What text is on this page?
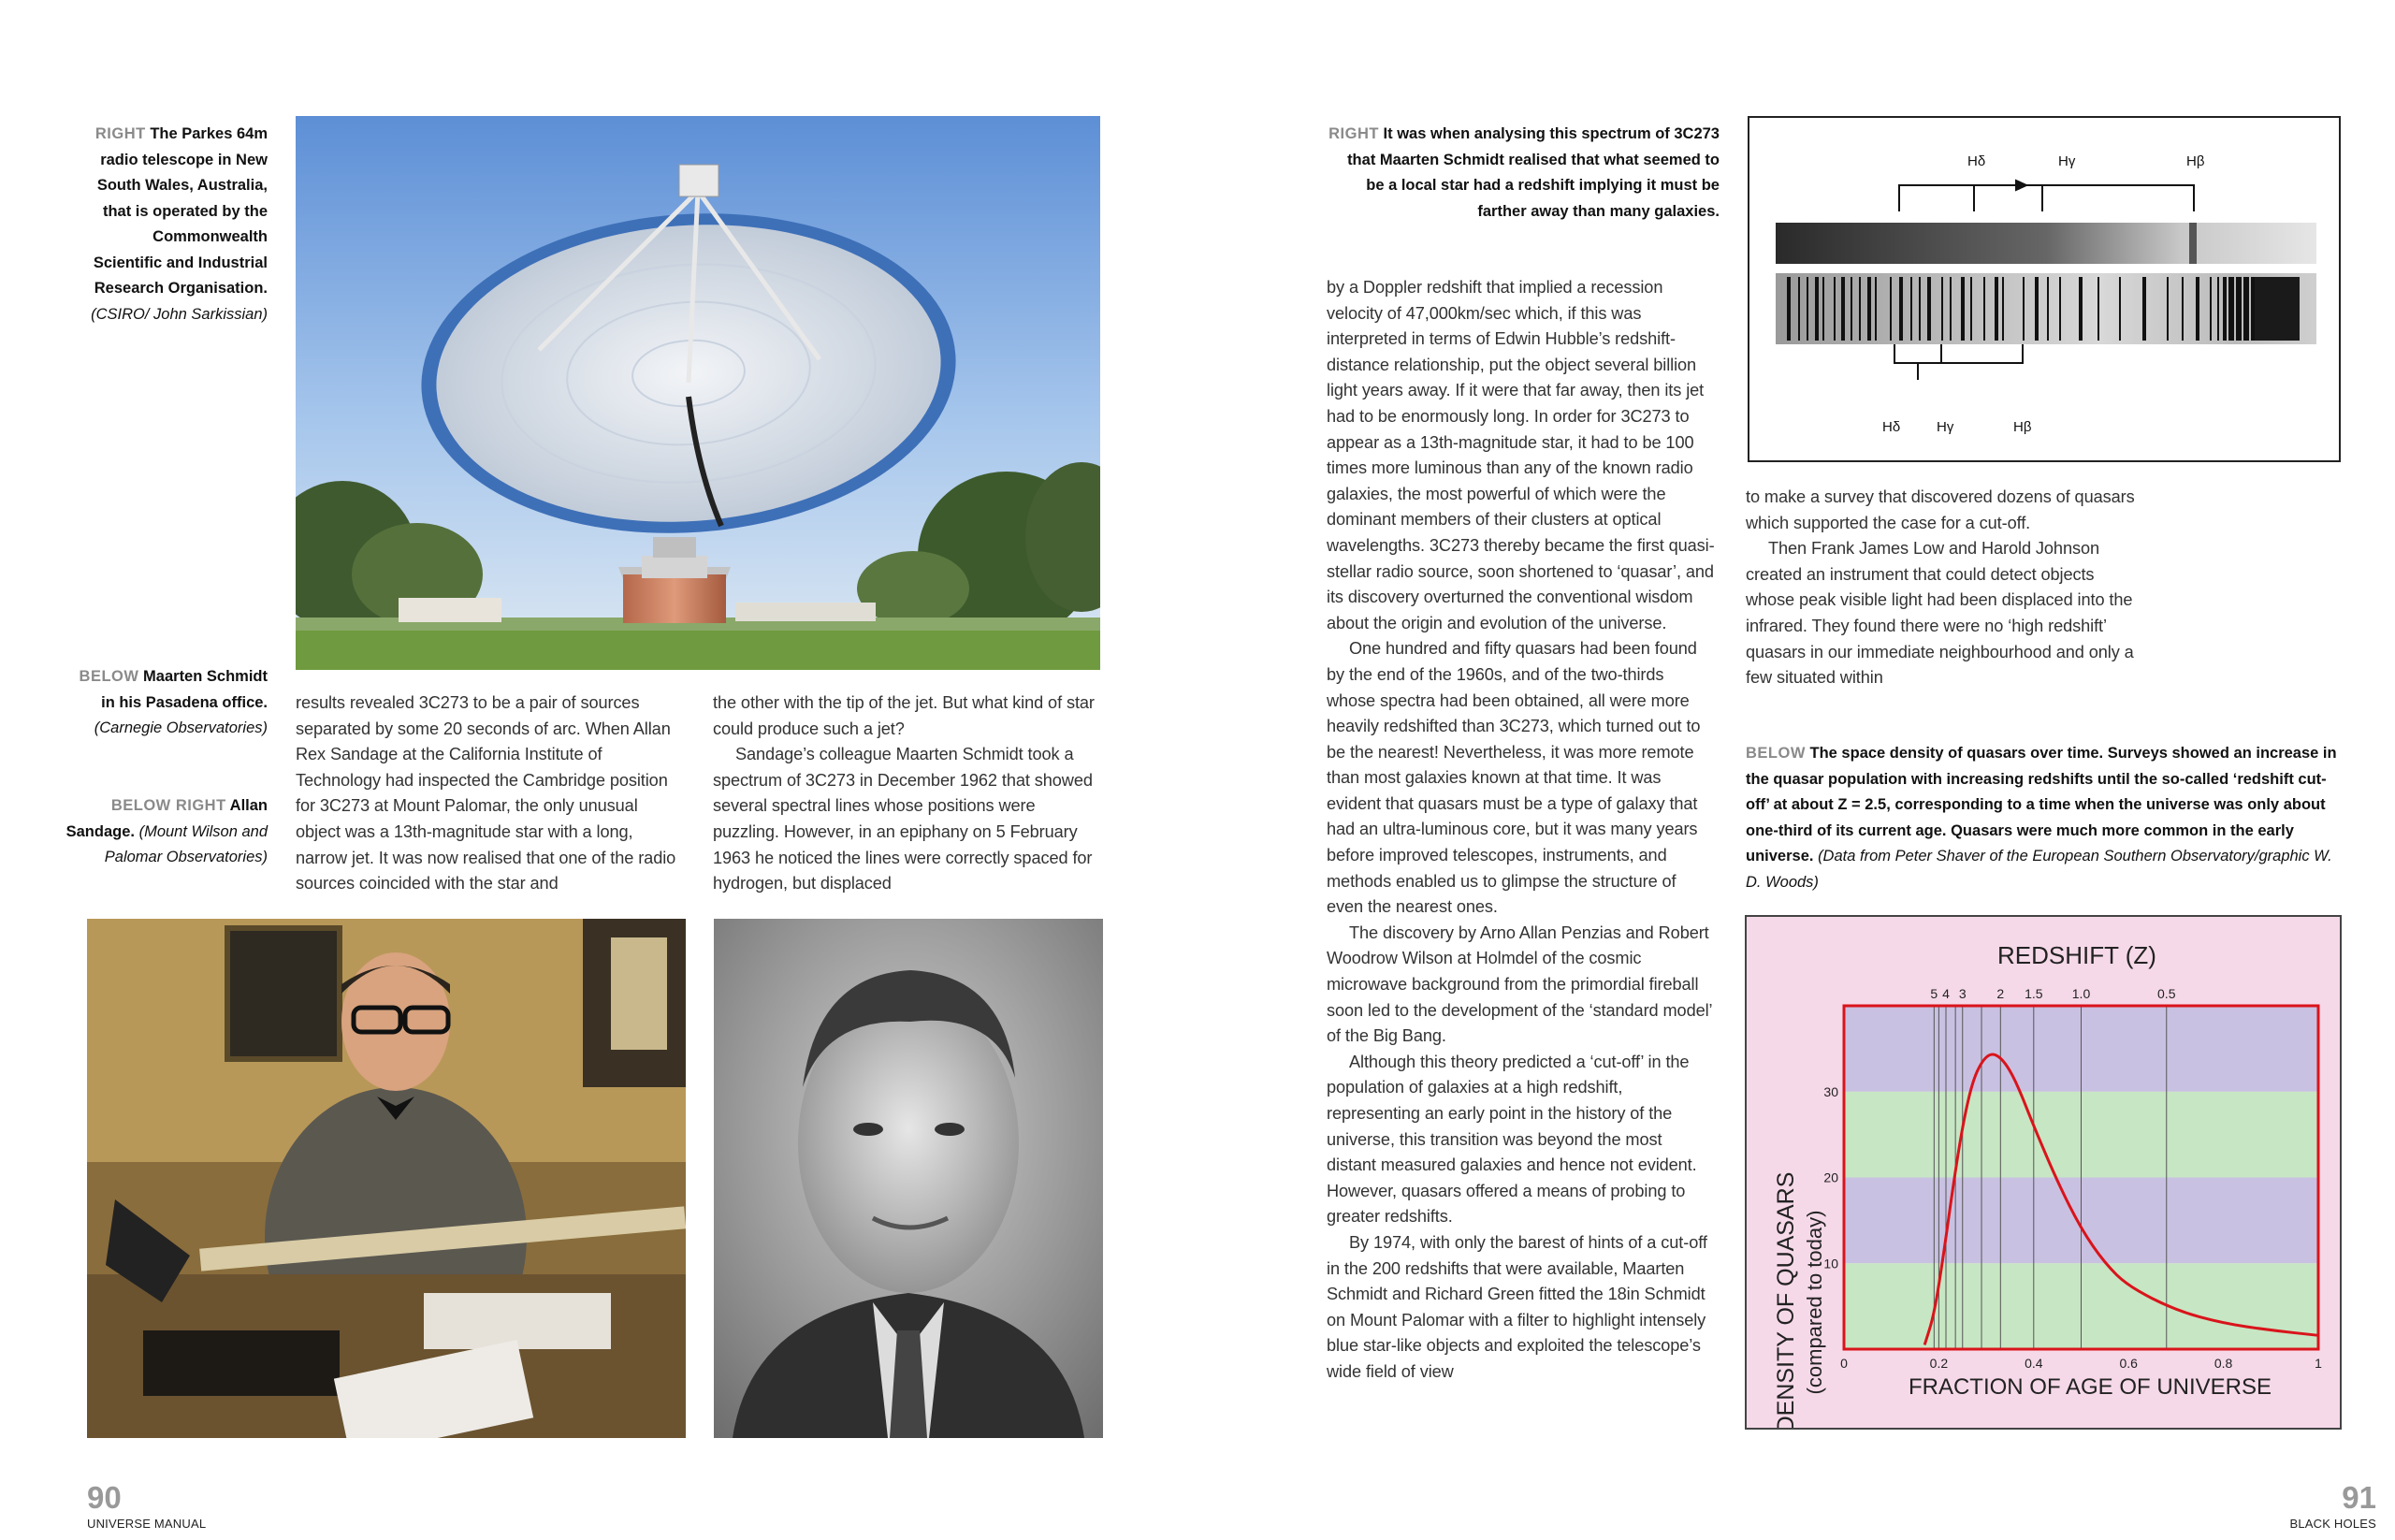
RIGHT The Parkes 64m radio telescope in New South Wales, Australia, that is operated by the Commonwealth Scientific and Industrial Research Organisation. (CSIRO/ John Sarkissian)
BELOW Maarten Schmidt in his Pasadena office. (Carnegie Observatories)
BELOW RIGHT Allan Sandage. (Mount Wilson and Palomar Observatories)

results revealed 3C273 to be a pair of sources separated by some 20 seconds of arc. When Allan Rex Sandage at the California Institute of Technology had inspected the Cambridge position for 3C273 at Mount Palomar, the only unusual object was a 13th-magnitude star with a long, narrow jet. It was now realised that one of the radio sources coincided with the star and

the other with the tip of the jet. But what kind of star could produce such a jet?

Sandage’s colleague Maarten Schmidt took a spectrum of 3C273 in December 1962 that showed several spectral lines whose positions were puzzling. However, in an epiphany on 5 February 1963 he noticed the lines were correctly spaced for hydrogen, but displaced

90
UNIVERSE MANUAL
RIGHT It was when analysing this spectrum of 3C273 that Maarten Schmidt realised that what seemed to be a local star had a redshift implying it must be farther away than many galaxies.
Hδ	Hγ	Hβ
Hδ	Hγ	Hβ

by a Doppler redshift that implied a recession velocity of 47,000km/sec which, if this was interpreted in terms of Edwin Hubble’s redshift-distance relationship, put the object several billion light years away. If it were that far away, then its jet had to be enormously long. In order for 3C273 to appear as a 13th-magnitude star, it had to be 100 times more luminous than any of the known radio galaxies, the most powerful of which were the dominant members of their clusters at optical wavelengths. 3C273 thereby became the first quasi-stellar radio source, soon shortened to ‘quasar’, and its discovery overturned the conventional wisdom about the origin and evolution of the universe.

One hundred and fifty quasars had been found by the end of the 1960s, and of the two-thirds whose spectra had been obtained, all were more heavily redshifted than 3C273, which turned out to be the nearest! Nevertheless, it was more remote than most galaxies known at that time. It was evident that quasars must be a type of galaxy that had an ultra-luminous core, but it was many years before improved telescopes, instruments, and methods enabled us to glimpse the structure of even the nearest ones.

The discovery by Arno Allan Penzias and Robert Woodrow Wilson at Holmdel of the cosmic microwave background from the primordial fireball soon led to the development of the ‘standard model’ of the Big Bang.

Although this theory predicted a ‘cut-off’ in the population of galaxies at a high redshift, representing an early point in the history of the universe, this transition was beyond the most distant measured galaxies and hence not evident. However, quasars offered a means of probing to greater redshifts.

By 1974, with only the barest of hints of a cut-off in the 200 redshifts that were available, Maarten Schmidt and Richard Green fitted the 18in Schmidt on Mount Palomar with a filter to highlight intensely blue star-like objects and exploited the telescope’s wide field of view

to make a survey that discovered dozens of quasars which supported the case for a cut-off.

Then Frank James Low and Harold Johnson created an instrument that could detect objects whose peak visible light had been displaced into the infrared. They found there were no ‘high redshift’ quasars in our immediate neighbourhood and only a few situated within

BELOW The space density of quasars over time. Surveys showed an increase in the quasar population with increasing redshifts until the so-called ‘redshift cut-off’ at about Z = 2.5, corresponding to a time when the universe was only about one-third of its current age. Quasars were much more common in the early universe. (Data from Peter Shaver of the European Southern Observatory/graphic W. D. Woods)
REDSHIFT (Z)
5 4 3 2 1.5 1.0	0.5
10
20
30
0	0.2	0.4	0.6	0.8	1
FRACTION OF AGE OF UNIVERSE
DENSITY OF QUASARS (compared to today)
91
BLACK HOLES
